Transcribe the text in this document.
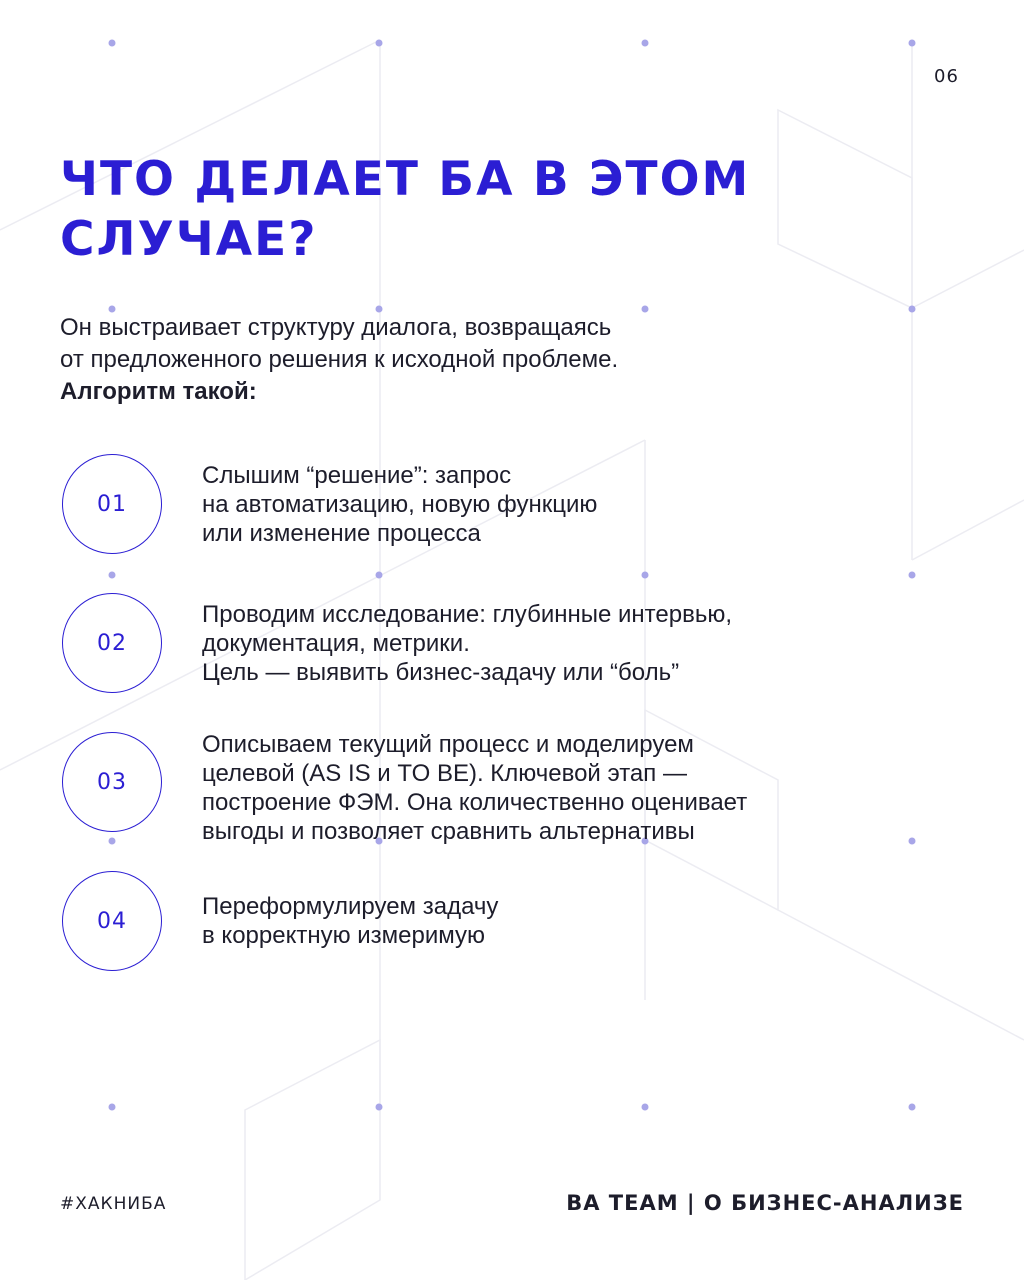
06
ЧТО ДЕЛАЕТ БА В ЭТОМ
СЛУЧАЕ?
Он выстраивает структуру диалога, возвращаясь
от предложенного решения к исходной проблеме.
Алгоритм такой:
01
Слышим “решение”: запрос
на автоматизацию, новую функцию
или изменение процесса
02
Проводим исследование: глубинные интервью,
документация, метрики.
Цель — выявить бизнес-задачу или “боль”
03
Описываем текущий процесс и моделируем
целевой (AS IS и TO BE). Ключевой этап —
построение ФЭМ. Она количественно оценивает
выгоды и позволяет сравнить альтернативы
04
Переформулируем задачу
в корректную измеримую
#ХАКНИБА	BA TEAM | О БИЗНЕС-АНАЛИЗЕ
